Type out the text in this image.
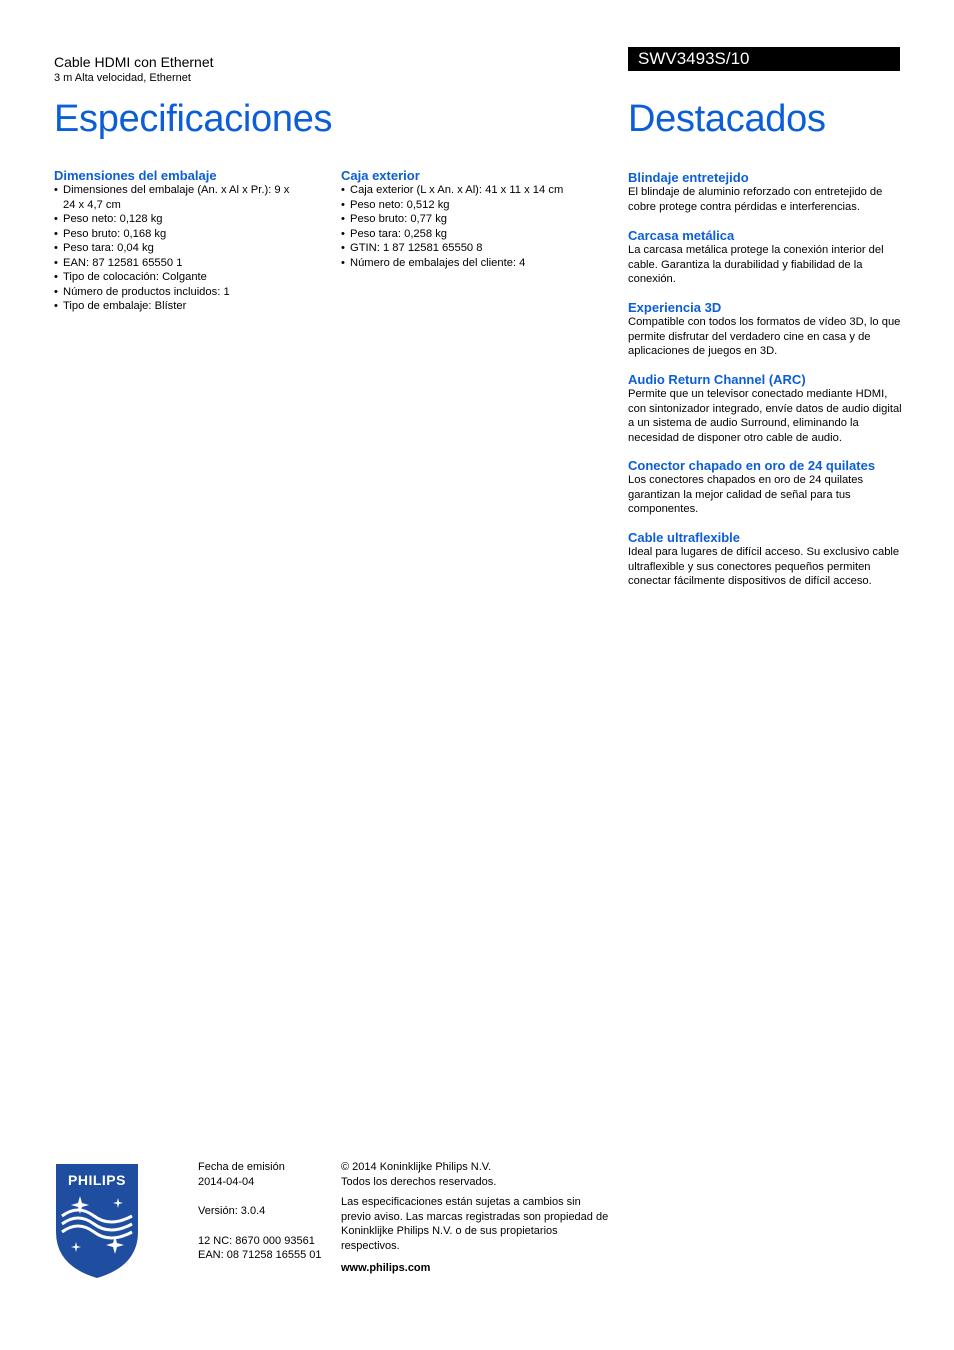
Cable HDMI con Ethernet
3 m Alta velocidad, Ethernet
SWV3493S/10
Especificaciones	Destacados
Dimensiones del embalaje
• Dimensiones del embalaje (An. x Al x Pr.): 9 x 24 x 4,7 cm
• Peso neto: 0,128 kg
• Peso bruto: 0,168 kg
• Peso tara: 0,04 kg
• EAN: 87 12581 65550 1
• Tipo de colocación: Colgante
• Número de productos incluidos: 1
• Tipo de embalaje: Blíster
Caja exterior
• Caja exterior (L x An. x Al): 41 x 11 x 14 cm
• Peso neto: 0,512 kg
• Peso bruto: 0,77 kg
• Peso tara: 0,258 kg
• GTIN: 1 87 12581 65550 8
• Número de embalajes del cliente: 4
Blindaje entretejido

El blindaje de aluminio reforzado con entretejido de cobre protege contra pérdidas e interferencias.

Carcasa metálica

La carcasa metálica protege la conexión interior del cable. Garantiza la durabilidad y fiabilidad de la conexión.

Experiencia 3D

Compatible con todos los formatos de vídeo 3D, lo que permite disfrutar del verdadero cine en casa y de aplicaciones de juegos en 3D.

Audio Return Channel (ARC)

Permite que un televisor conectado mediante HDMI, con sintonizador integrado, envíe datos de audio digital a un sistema de audio Surround, eliminando la necesidad de disponer otro cable de audio.

Conector chapado en oro de 24 quilates

Los conectores chapados en oro de 24 quilates garantizan la mejor calidad de señal para tus componentes.

Cable ultraflexible

Ideal para lugares de difícil acceso. Su exclusivo cable ultraflexible y sus conectores pequeños permiten conectar fácilmente dispositivos de difícil acceso.

PHILIPS

Fecha de emisión

2014-04-04

Versión: 3.0.4

12 NC: 8670 000 93561

EAN: 08 71258 16555 01

© 2014 Koninklijke Philips N.V.

Todos los derechos reservados.

Las especificaciones están sujetas a cambios sin previo aviso. Las marcas registradas son propiedad de Koninklijke Philips N.V. o de sus propietarios respectivos.

www.philips.com
